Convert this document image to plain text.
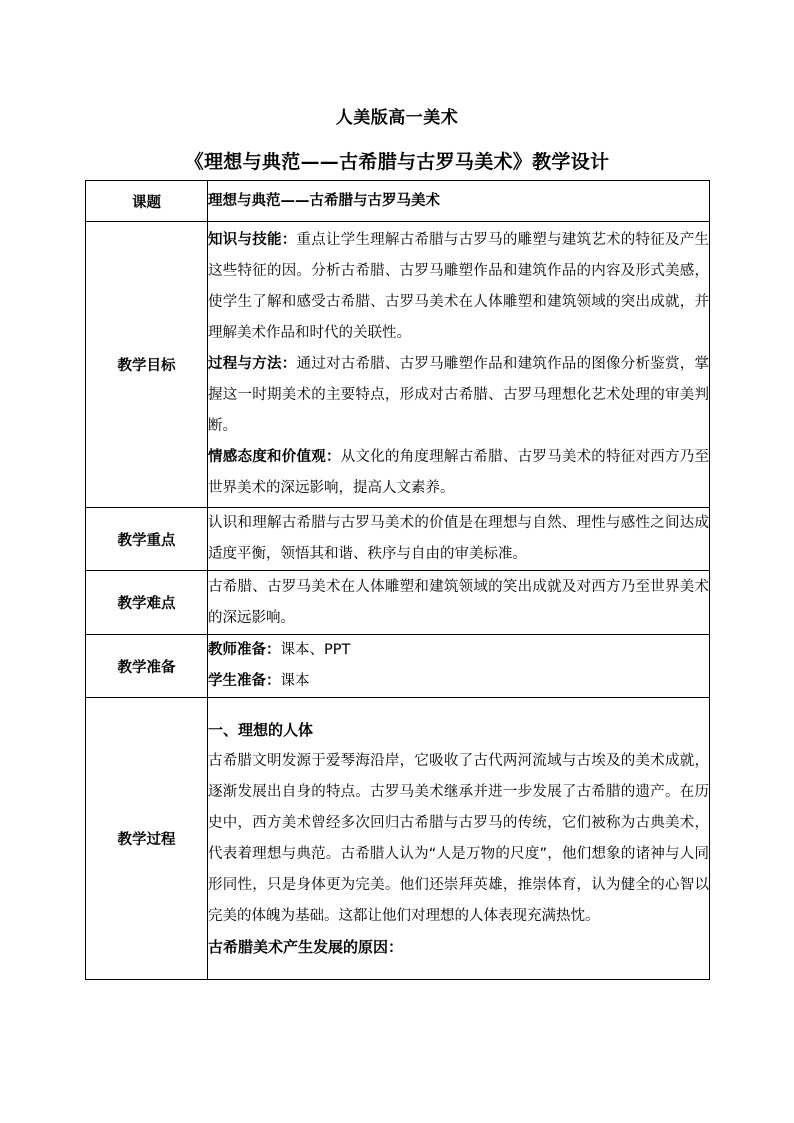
人美版高一美术
《理想与典范——古希腊与古罗马美术》教学设计
课题	理想与典范——古希腊与古罗马美术
教学目标	知识与技能：重点让学生理解古希腊与古罗马的雕塑与建筑艺术的特征及产生这些特征的因。分析古希腊、古罗马雕塑作品和建筑作品的内容及形式美感，使学生了解和感受古希腊、古罗马美术在人体雕塑和建筑领域的突出成就，并理解美术作品和时代的关联性。

过程与方法：通过对古希腊、古罗马雕塑作品和建筑作品的图像分析鉴赏，掌握这一时期美术的主要特点，形成对古希腊、古罗马理想化艺术处理的审美判断。

情感态度和价值观：从文化的角度理解古希腊、古罗马美术的特征对西方乃至世界美术的深远影响，提高人文素养。

教学重点	认识和理解古希腊与古罗马美术的价值是在理想与自然、理性与感性之间达成适度平衡，领悟其和谐、秩序与自由的审美标准。
教学难点	古希腊、古罗马美术在人体雕塑和建筑领域的笑出成就及对西方乃至世界美术的深远影响。
教学准备	教师准备：课本、PPT

学生准备：课本

教学过程	一、理想的人体

古希腊文明发源于爱琴海沿岸，它吸收了古代两河流域与古埃及的美术成就，逐渐发展出自身的特点。古罗马美术继承并进一步发展了古希腊的遗产。在历史中，西方美术曾经多次回归古希腊与古罗马的传统，它们被称为古典美术，代表着理想与典范。古希腊人认为“人是万物的尺度”，他们想象的诸神与人同形同性，只是身体更为完美。他们还崇拜英雄，推崇体育，认为健全的心智以完美的体魄为基础。这都让他们对理想的人体表现充满热忱。

古希腊美术产生发展的原因：
